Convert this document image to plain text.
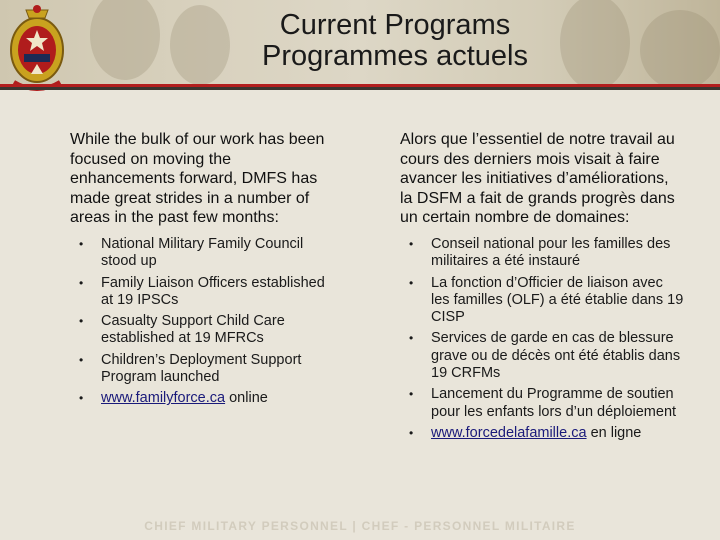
Current Programs
Programmes actuels

While the bulk of our work has been focused on moving the enhancements forward, DMFS has made great strides in a number of areas in the past few months:

• National Military Family Council stood up
• Family Liaison Officers established at 19 IPSCs
• Casualty Support Child Care established at 19 MFRCs
• Children’s Deployment Support Program launched
• www.familyforce.ca online

Alors que l’essentiel de notre travail au cours des derniers mois visait à faire avancer les initiatives d’améliorations, la DSFM a fait de grands progrès dans un certain nombre de domaines:

• Conseil national pour les familles des militaires a été instauré
• La fonction d’Officier de liaison avec les familles (OLF) a été établie dans 19 CISP
• Services de garde en cas de blessure grave ou de décès ont été établis dans 19 CRFMs
• Lancement du Programme de soutien pour les enfants lors d’un déploiement
• www.forcedelafamille.ca en ligne
CHIEF MILITARY PERSONNEL | CHEF - PERSONNEL MILITAIRE
